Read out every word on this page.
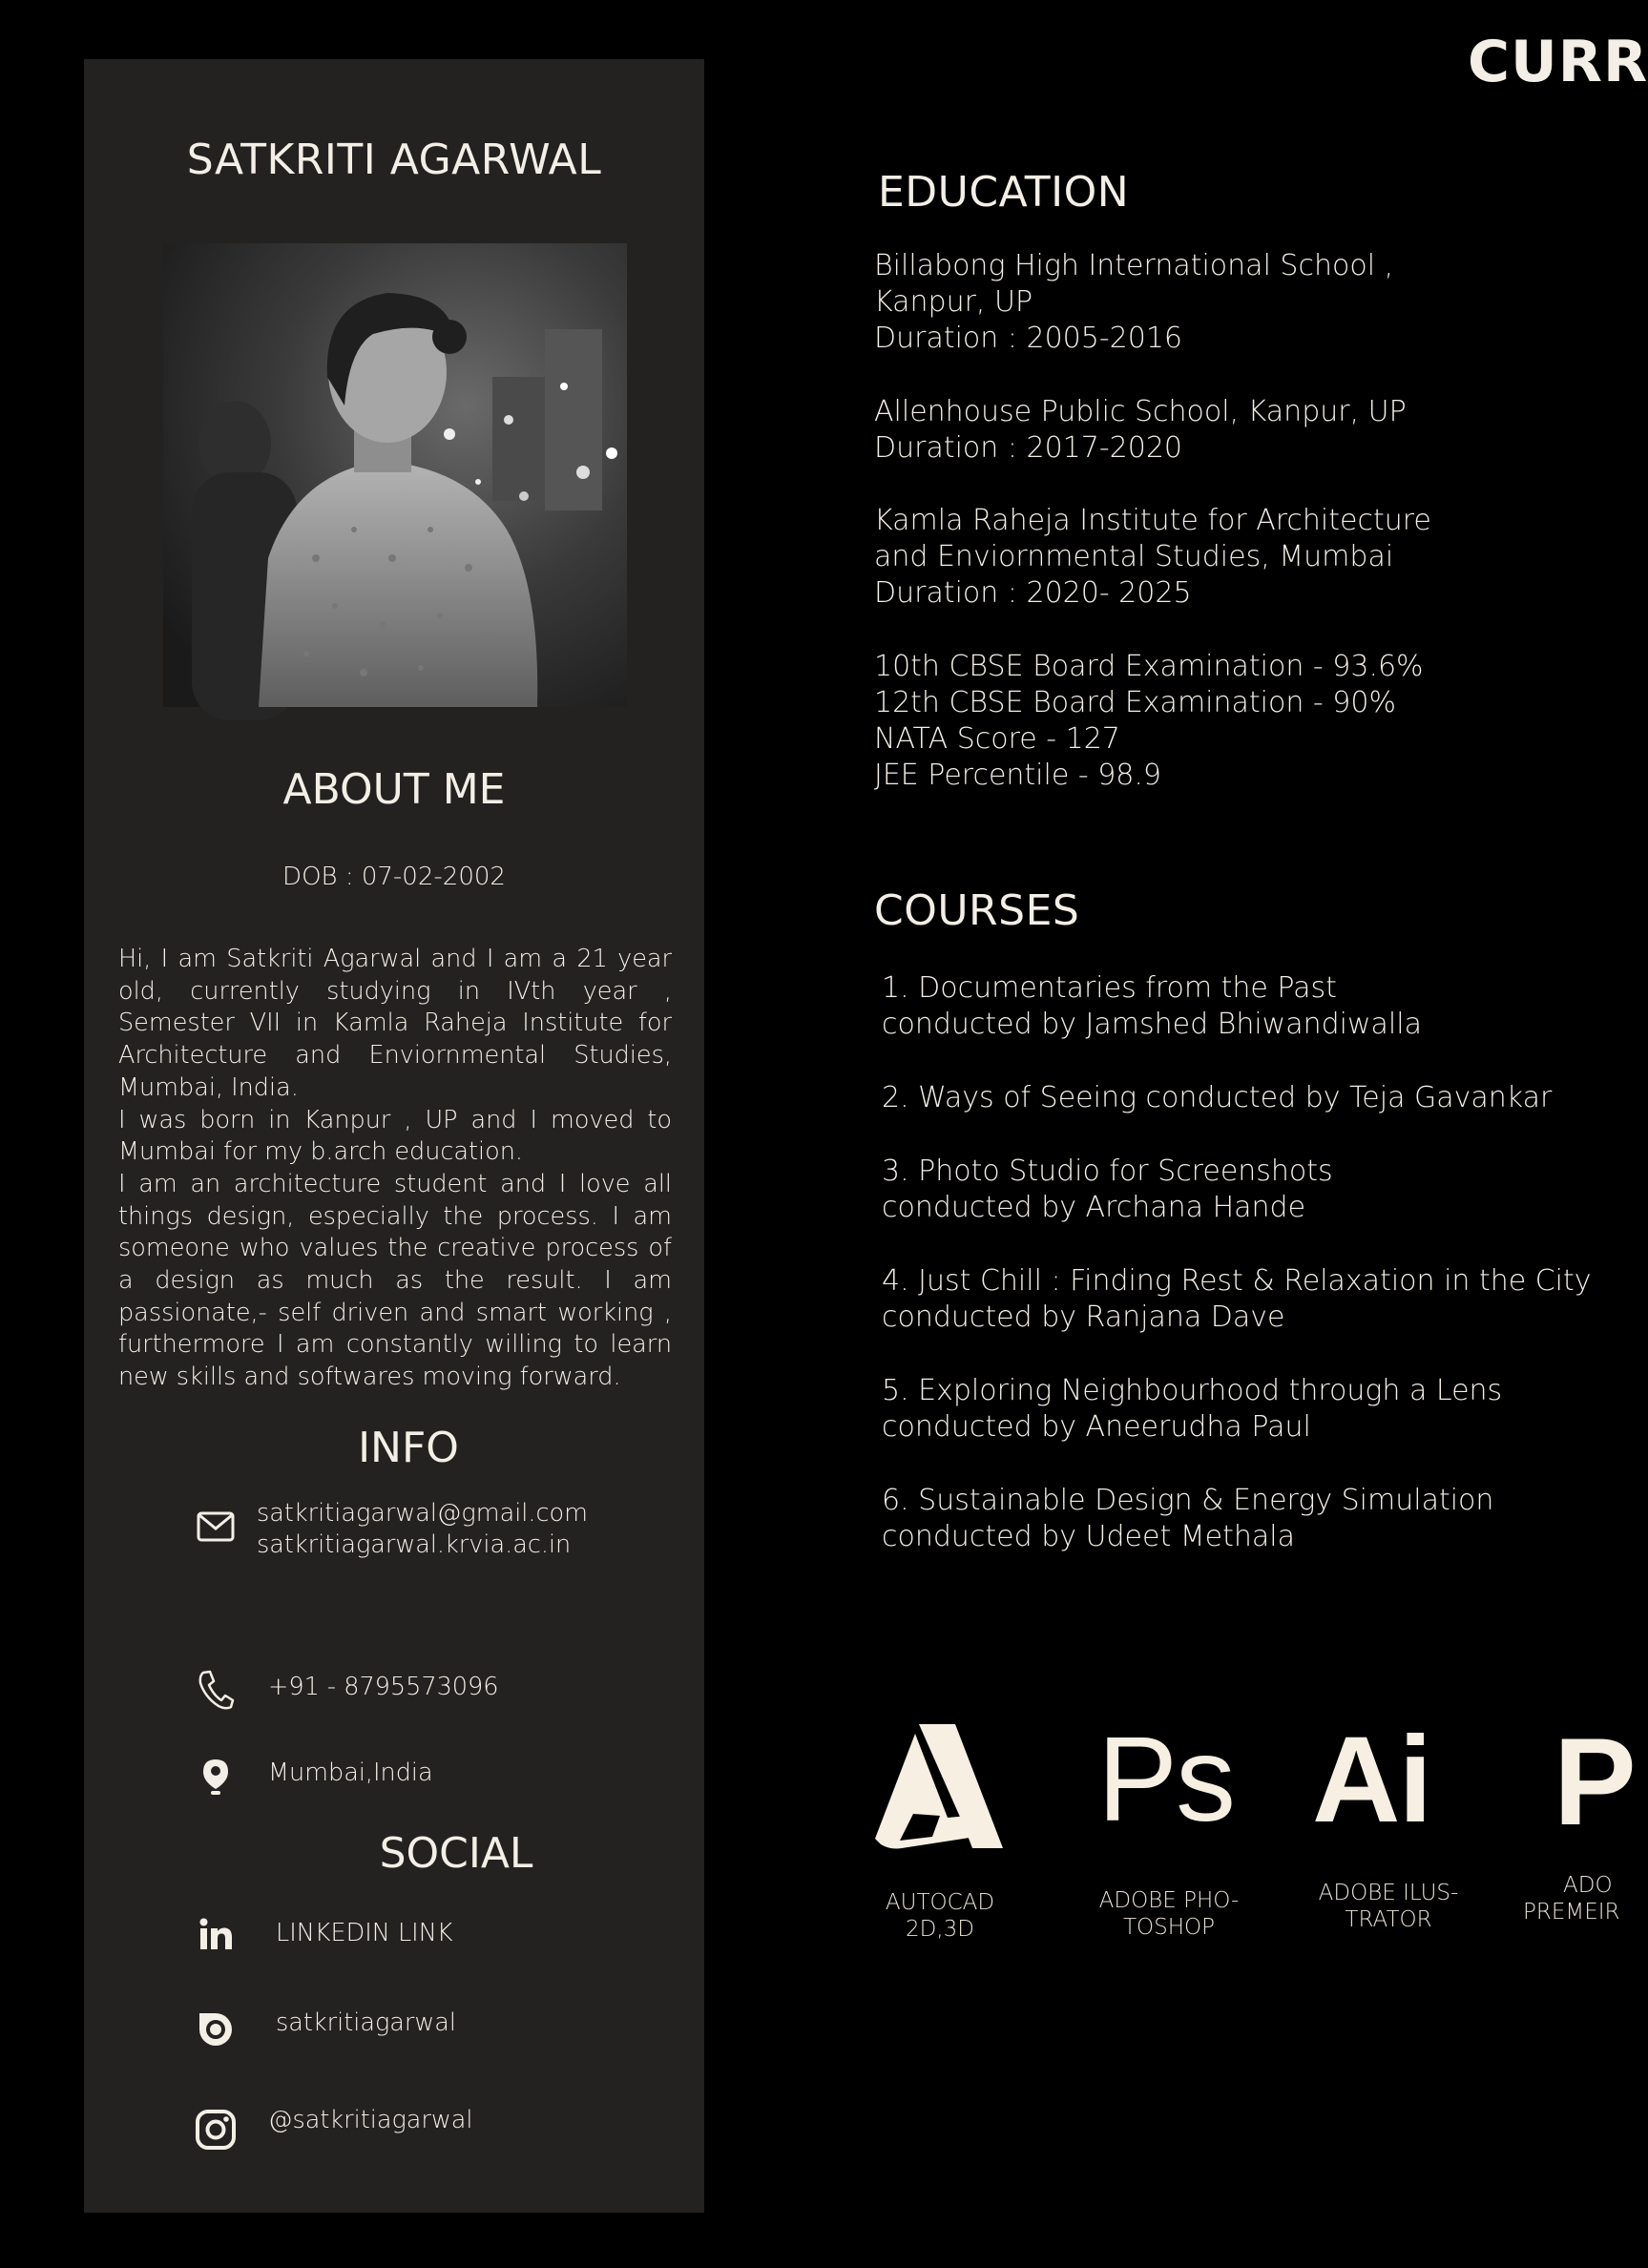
SATKRITI AGARWAL
ABOUT ME
DOB : 07-02-2002
Hi, I am Satkriti Agarwal and I am a 21 year old, currently studying in IVth year , Semester VII in Kamla Raheja Institute for Architecture and Enviornmental Studies, Mumbai, India.
I was born in Kanpur , UP and I moved to Mumbai for my b.arch education.
I am an architecture student and I love all things design, especially the process. I am someone who values the creative process of a design as much as the result. I am passionate,- self driven and smart working , furthermore I am constantly willing to learn new skills and softwares moving forward.
INFO
satkritiagarwal@gmail.com
satkritiagarwal.krvia.ac.in
+91 - 8795573096
Mumbai,India
SOCIAL
LINKEDIN LINK
satkritiagarwal
@satkritiagarwal
CURR
EDUCATION
Billabong High International School ,
Kanpur, UP
Duration : 2005-2016
Allenhouse Public School, Kanpur, UP
Duration : 2017-2020
Kamla Raheja Institute for Architecture
and Enviornmental Studies, Mumbai
Duration : 2020- 2025
10th CBSE Board Examination - 93.6%
12th CBSE Board Examination - 90%
NATA Score - 127
JEE Percentile - 98.9
COURSES
1. Documentaries from the Past
conducted by Jamshed Bhiwandiwalla
2. Ways of Seeing conducted by Teja Gavankar
3. Photo Studio for Screenshots
conducted by Archana Hande
4. Just Chill : Finding Rest & Relaxation in the City
conducted by Ranjana Dave
5. Exploring Neighbourhood through a Lens
conducted by Aneerudha Paul
6. Sustainable Design & Energy Simulation
conducted by Udeet Methala
AUTOCAD
2D,3D
Ps
ADOBE PHO-
TOSHOP
Ai
ADOBE ILUS-
TRATOR
P
ADO
PREMEIR
